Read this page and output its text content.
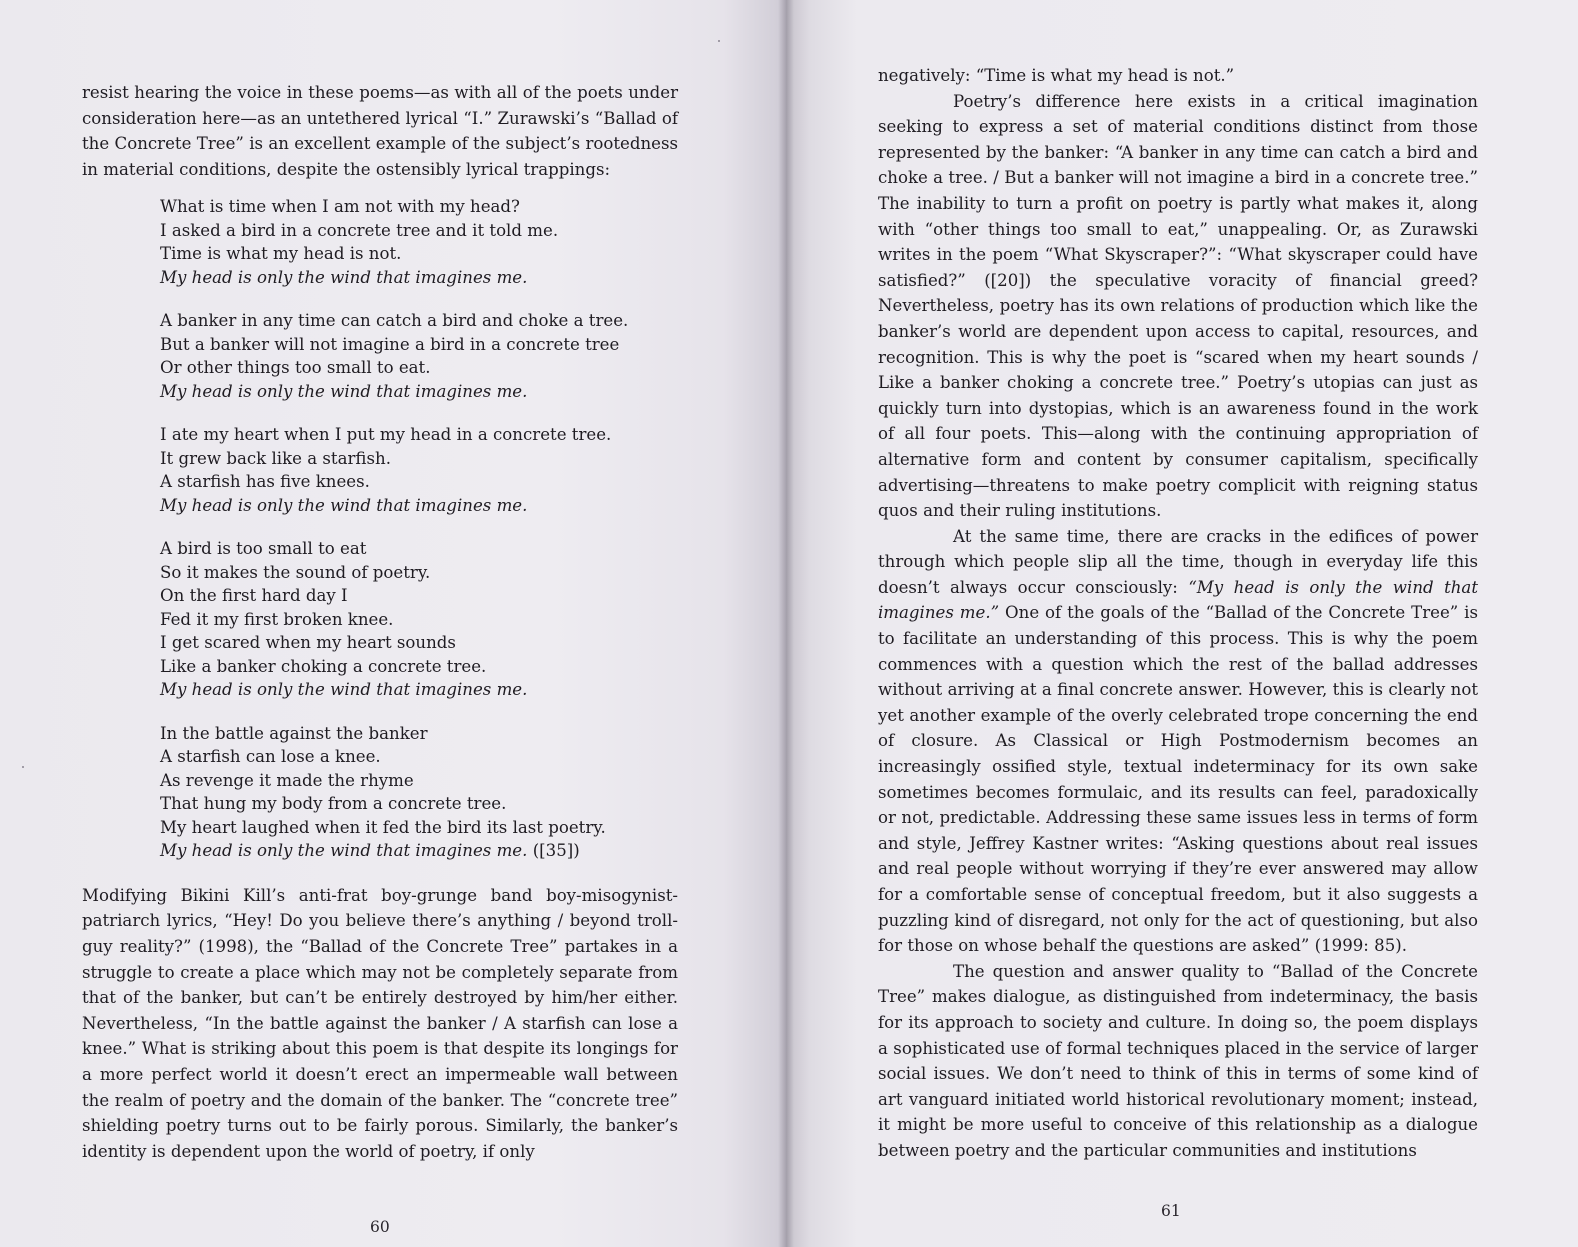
resist hearing the voice in these poems—as with all of the poets under consideration here—as an untethered lyrical “I.” Zurawski’s “Ballad of the Concrete Tree” is an excellent example of the subject’s rootedness in material conditions, despite the ostensibly lyrical trappings:

What is time when I am not with my head?
I asked a bird in a concrete tree and it told me.
Time is what my head is not.
My head is only the wind that imagines me.
A banker in any time can catch a bird and choke a tree.
But a banker will not imagine a bird in a concrete tree
Or other things too small to eat.
My head is only the wind that imagines me.
I ate my heart when I put my head in a concrete tree.
It grew back like a starfish.
A starfish has five knees.
My head is only the wind that imagines me.
A bird is too small to eat
So it makes the sound of poetry.
On the first hard day I
Fed it my first broken knee.
I get scared when my heart sounds
Like a banker choking a concrete tree.
My head is only the wind that imagines me.
In the battle against the banker
A starfish can lose a knee.
As revenge it made the rhyme
That hung my body from a concrete tree.
My heart laughed when it fed the bird its last poetry.
My head is only the wind that imagines me. ([35])

Modifying Bikini Kill’s anti-frat boy-grunge band boy-misogynist-patriarch lyrics, “Hey! Do you believe there’s anything / beyond troll-guy reality?” (1998), the “Ballad of the Concrete Tree” partakes in a struggle to create a place which may not be completely separate from that of the banker, but can’t be entirely destroyed by him/her either. Nevertheless, “In the battle against the banker / A starfish can lose a knee.” What is striking about this poem is that despite its longings for a more perfect world it doesn’t erect an impermeable wall between the realm of poetry and the domain of the banker. The “concrete tree” shielding poetry turns out to be fairly porous. Similarly, the banker’s identity is dependent upon the world of poetry, if only

60

negatively: “Time is what my head is not.”

Poetry’s difference here exists in a critical imagination seeking to express a set of material conditions distinct from those represented by the banker: “A banker in any time can catch a bird and choke a tree. / But a banker will not imagine a bird in a concrete tree.” The inability to turn a profit on poetry is partly what makes it, along with “other things too small to eat,” unappealing. Or, as Zurawski writes in the poem “What Skyscraper?”: “What skyscraper could have satisfied?” ([20]) the speculative voracity of financial greed? Nevertheless, poetry has its own relations of production which like the banker’s world are dependent upon access to capital, resources, and recognition. This is why the poet is “scared when my heart sounds / Like a banker choking a concrete tree.” Poetry’s utopias can just as quickly turn into dystopias, which is an awareness found in the work of all four poets. This—along with the continuing appropriation of alternative form and content by consumer capitalism, specifically advertising—threatens to make poetry complicit with reigning status quos and their ruling institutions.

At the same time, there are cracks in the edifices of power through which people slip all the time, though in everyday life this doesn’t always occur consciously: “My head is only the wind that imagines me.” One of the goals of the “Ballad of the Concrete Tree” is to facilitate an understanding of this process. This is why the poem commences with a question which the rest of the ballad addresses without arriving at a final concrete answer. However, this is clearly not yet another example of the overly celebrated trope concerning the end of closure. As Classical or High Postmodernism becomes an increasingly ossified style, textual indeterminacy for its own sake sometimes becomes formulaic, and its results can feel, paradoxically or not, predictable. Addressing these same issues less in terms of form and style, Jeffrey Kastner writes: “Asking questions about real issues and real people without worrying if they’re ever answered may allow for a comfortable sense of conceptual freedom, but it also suggests a puzzling kind of disregard, not only for the act of questioning, but also for those on whose behalf the questions are asked” (1999: 85).

The question and answer quality to “Ballad of the Concrete Tree” makes dialogue, as distinguished from indeterminacy, the basis for its approach to society and culture. In doing so, the poem displays a sophisticated use of formal techniques placed in the service of larger social issues. We don’t need to think of this in terms of some kind of art vanguard initiated world historical revolutionary moment; instead, it might be more useful to conceive of this relationship as a dialogue between poetry and the particular communities and institutions

61
